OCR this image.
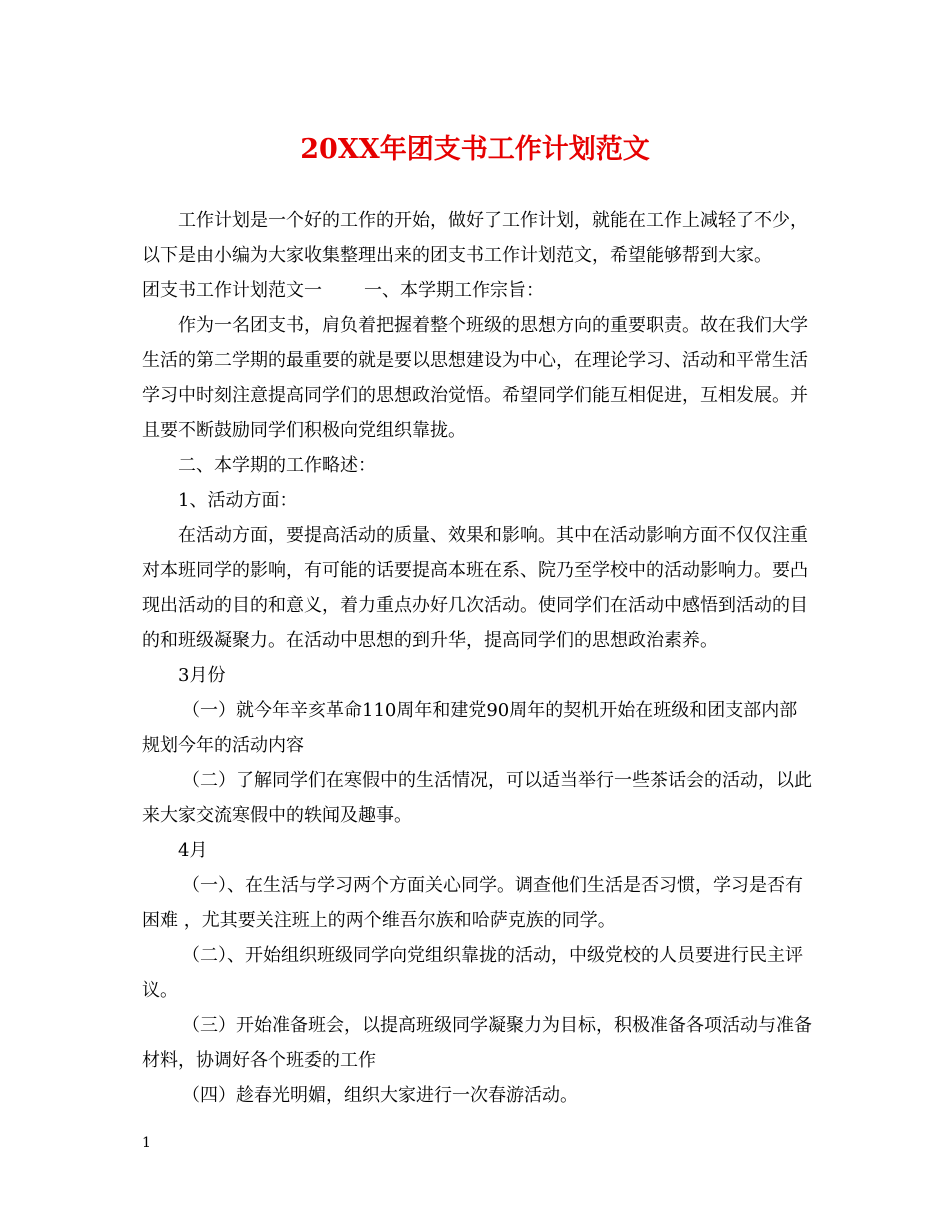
20XX年团支书工作计划范文

工作计划是一个好的工作的开始，做好了工作计划，就能在工作上减轻了不少，以下是由小编为大家收集整理出来的团支书工作计划范文，希望能够帮到大家。

团支书工作计划范文一 一、本学期工作宗旨：

作为一名团支书，肩负着把握着整个班级的思想方向的重要职责。故在我们大学生活的第二学期的最重要的就是要以思想建设为中心，在理论学习、活动和平常生活学习中时刻注意提高同学们的思想政治觉悟。希望同学们能互相促进，互相发展。并且要不断鼓励同学们积极向党组织靠拢。

二、本学期的工作略述：

1、活动方面：

在活动方面，要提高活动的质量、效果和影响。其中在活动影响方面不仅仅注重对本班同学的影响，有可能的话要提高本班在系、院乃至学校中的活动影响力。要凸现出活动的目的和意义，着力重点办好几次活动。使同学们在活动中感悟到活动的目的和班级凝聚力。在活动中思想的到升华，提高同学们的思想政治素养。

3月份

（一）就今年辛亥革命110周年和建党90周年的契机开始在班级和团支部内部规划今年的活动内容

（二）了解同学们在寒假中的生活情况，可以适当举行一些茶话会的活动，以此来大家交流寒假中的轶闻及趣事。

4月

（一）、在生活与学习两个方面关心同学。调查他们生活是否习惯，学习是否有困难 ，尤其要关注班上的两个维吾尔族和哈萨克族的同学。

（二）、开始组织班级同学向党组织靠拢的活动，中级党校的人员要进行民主评议。

（三）开始准备班会，以提高班级同学凝聚力为目标，积极准备各项活动与准备材料，协调好各个班委的工作

（四）趁春光明媚，组织大家进行一次春游活动。

1
